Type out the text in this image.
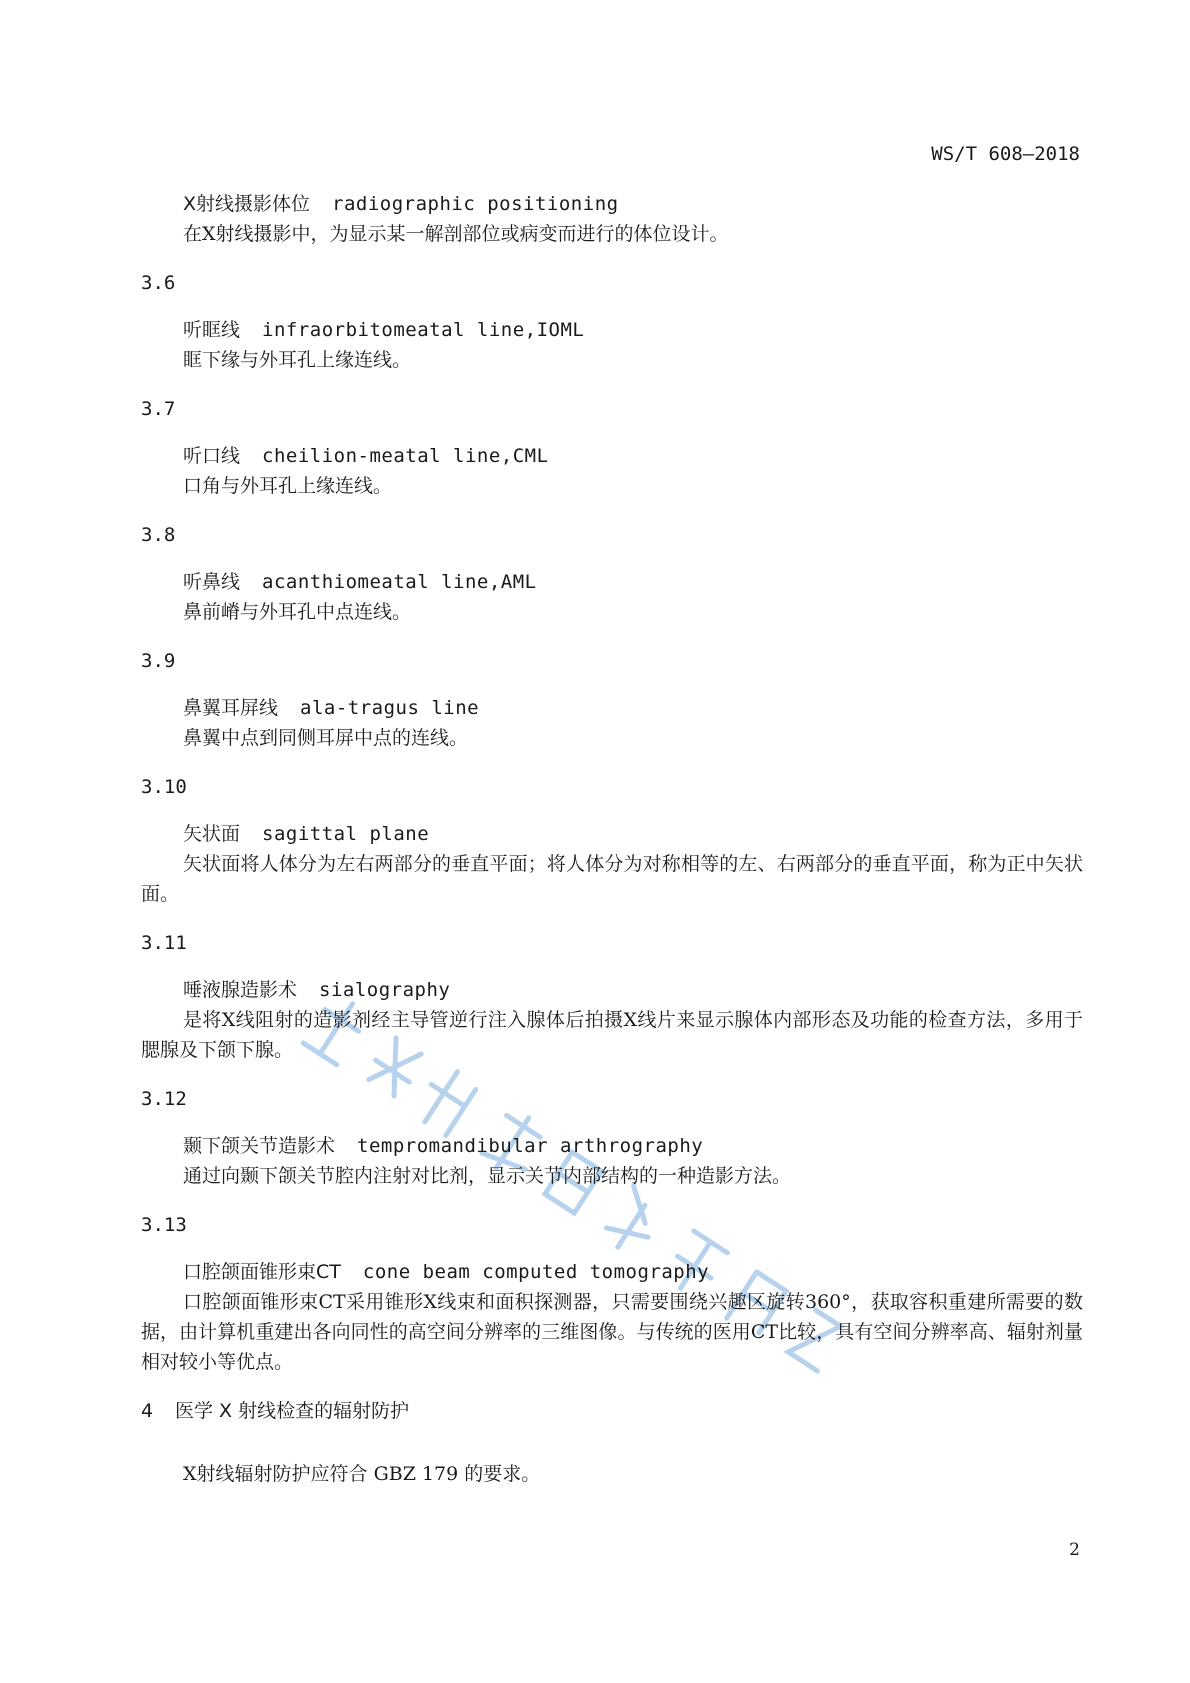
WS/T 608—2018
X射线摄影体位 radiographic positioning

在X射线摄影中，为显示某一解剖部位或病变而进行的体位设计。

3.6
听眶线 infraorbitomeatal line,IOML

眶下缘与外耳孔上缘连线。

3.7
听口线 cheilion-meatal line,CML

口角与外耳孔上缘连线。

3.8
听鼻线 acanthiomeatal line,AML

鼻前嵴与外耳孔中点连线。

3.9
鼻翼耳屏线 ala-tragus line

鼻翼中点到同侧耳屏中点的连线。

3.10
矢状面 sagittal plane

矢状面将人体分为左右两部分的垂直平面；将人体分为对称相等的左、右两部分的垂直平面，称为正中矢状面。

3.11
唾液腺造影术 sialography

是将X线阻射的造影剂经主导管逆行注入腺体后拍摄X线片来显示腺体内部形态及功能的检查方法，多用于腮腺及下颌下腺。

3.12
颞下颌关节造影术 tempromandibular arthrography

通过向颞下颌关节腔内注射对比剂，显示关节内部结构的一种造影方法。

3.13
口腔颌面锥形束CT cone beam computed tomography

口腔颌面锥形束CT采用锥形X线束和面积探测器，只需要围绕兴趣区旋转360°，获取容积重建所需要的数据，由计算机重建出各向同性的高空间分辨率的三维图像。与传统的医用CT比较，具有空间分辨率高、辐射剂量相对较小等优点。

4 医学 X 射线检查的辐射防护

X射线辐射防护应符合 GBZ 179 的要求。

2
